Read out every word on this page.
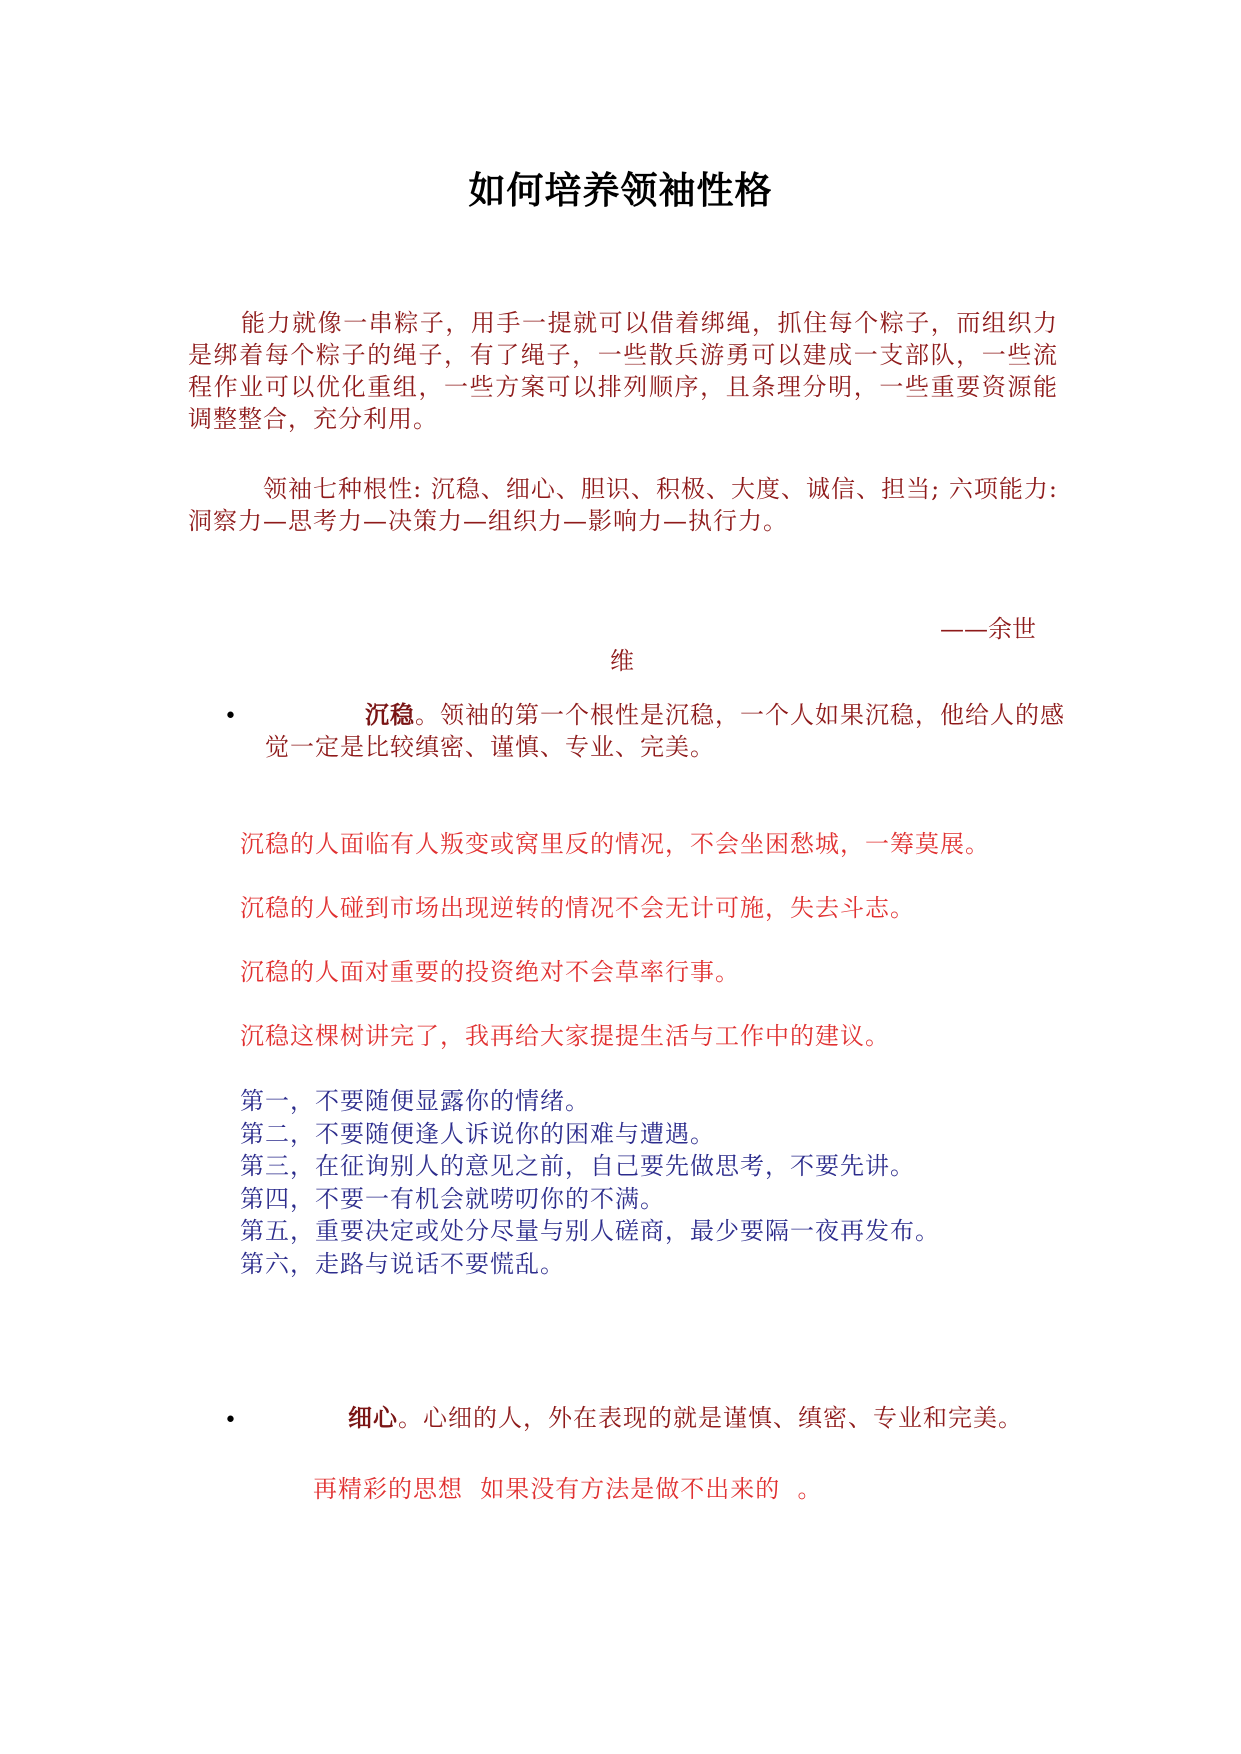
如何培养领袖性格

能力就像一串粽子，用手一提就可以借着绑绳，抓住每个粽子，而组织力是绑着每个粽子的绳子，有了绳子，一些散兵游勇可以建成一支部队，一些流程作业可以优化重组，一些方案可以排列顺序，且条理分明，一些重要资源能调整整合，充分利用。

领袖七种根性: 沉稳、细心、胆识、积极、大度、诚信、担当; 六项能力: 洞察力—思考力—决策力—组织力—影响力—执行力。

——余世
维
•	沉稳。领袖的第一个根性是沉稳，一个人如果沉稳，他给人的感觉一定是比较缜密、谨慎、专业、完美。

沉稳的人面临有人叛变或窝里反的情况，不会坐困愁城，一筹莫展。
沉稳的人碰到市场出现逆转的情况不会无计可施，失去斗志。
沉稳的人面对重要的投资绝对不会草率行事。
沉稳这棵树讲完了，我再给大家提提生活与工作中的建议。
第一，不要随便显露你的情绪。
第二，不要随便逢人诉说你的困难与遭遇。
第三，在征询别人的意见之前，自己要先做思考，不要先讲。
第四，不要一有机会就唠叨你的不满。
第五，重要决定或处分尽量与别人磋商，最少要隔一夜再发布。
第六，走路与说话不要慌乱。
•	细心。心细的人，外在表现的就是谨慎、缜密、专业和完美。

再精彩的思想  如果没有方法是做不出来的  。
